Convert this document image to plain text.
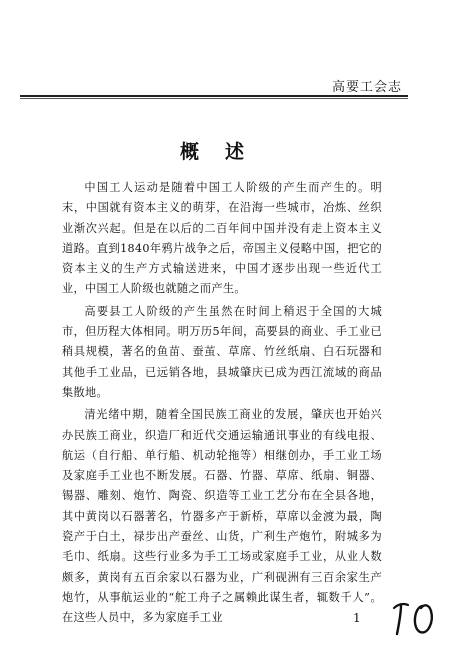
高要工会志
概述

中国工人运动是随着中国工人阶级的产生而产生的。明末，中国就有资本主义的萌芽，在沿海一些城市，冶炼、丝织业渐次兴起。但是在以后的二百年间中国并没有走上资本主义道路。直到1840年鸦片战争之后，帝国主义侵略中国，把它的资本主义的生产方式输送进来，中国才逐步出现一些近代工业，中国工人阶级也就随之而产生。

高要县工人阶级的产生虽然在时间上稍迟于全国的大城市，但历程大体相同。明万历5年间，高要县的商业、手工业已稍具规模，著名的鱼苗、蚕茧、草席、竹丝纸扇、白石玩器和其他手工业品，已远销各地，县城肇庆已成为西江流域的商品集散地。

清光绪中期，随着全国民族工商业的发展，肇庆也开始兴办民族工商业，织造厂和近代交通运输通讯事业的有线电报、航运（自行船、单行船、机动轮拖等）相继创办，手工业工场及家庭手工业也不断发展。石器、竹器、草席、纸扇、铜器、锡器、雕刻、炮竹、陶瓷、织造等工业工艺分布在全县各地，其中黄岗以石器著名，竹器多产于新桥，草席以金渡为最，陶瓷产于白土，禄步出产蚕丝、山货，广利生产炮竹，附城多为毛巾、纸扇。这些行业多为手工工场或家庭手工业，从业人数颇多，黄岗有五百余家以石器为业，广利砚洲有三百余家生产炮竹，从事航运业的“舵工舟子之属赖此谋生者，辄数千人”。在这些人员中，多为家庭手工业	1
